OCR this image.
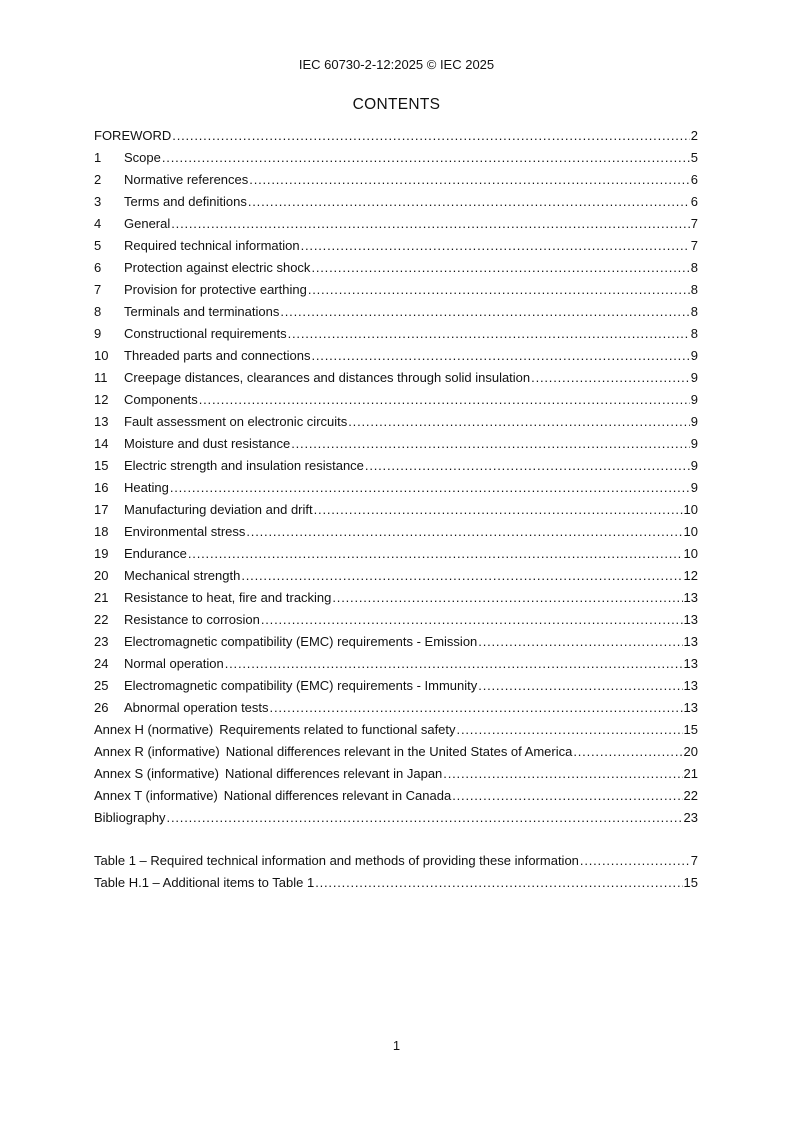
IEC 60730-2-12:2025 © IEC 2025
CONTENTS
FOREWORD .....	2
1	Scope .....	5
2	Normative references .....	6
3	Terms and definitions .....	6
4	General .....	7
5	Required technical information .....	7
6	Protection against electric shock .....	8
7	Provision for protective earthing .....	8
8	Terminals and terminations .....	8
9	Constructional requirements .....	8
10	Threaded parts and connections .....	9
11	Creepage distances, clearances and distances through solid insulation .....	9
12	Components .....	9
13	Fault assessment on electronic circuits .....	9
14	Moisture and dust resistance .....	9
15	Electric strength and insulation resistance .....	9
16	Heating .....	9
17	Manufacturing deviation and drift .....	10
18	Environmental stress .....	10
19	Endurance .....	10
20	Mechanical strength .....	12
21	Resistance to heat, fire and tracking .....	13
22	Resistance to corrosion .....	13
23	Electromagnetic compatibility (EMC) requirements - Emission .....	13
24	Normal operation .....	13
25	Electromagnetic compatibility (EMC) requirements - Immunity .....	13
26	Abnormal operation tests .....	13
Annex H (normative) Requirements related to functional safety .....	15
Annex R (informative) National differences relevant in the United States of America .....	20
Annex S (informative) National differences relevant in Japan .....	21
Annex T (informative) National differences relevant in Canada .....	22
Bibliography .....	23
Table 1 – Required technical information and methods of providing these information .....	7
Table H.1 – Additional items to Table 1 .....	15
1
